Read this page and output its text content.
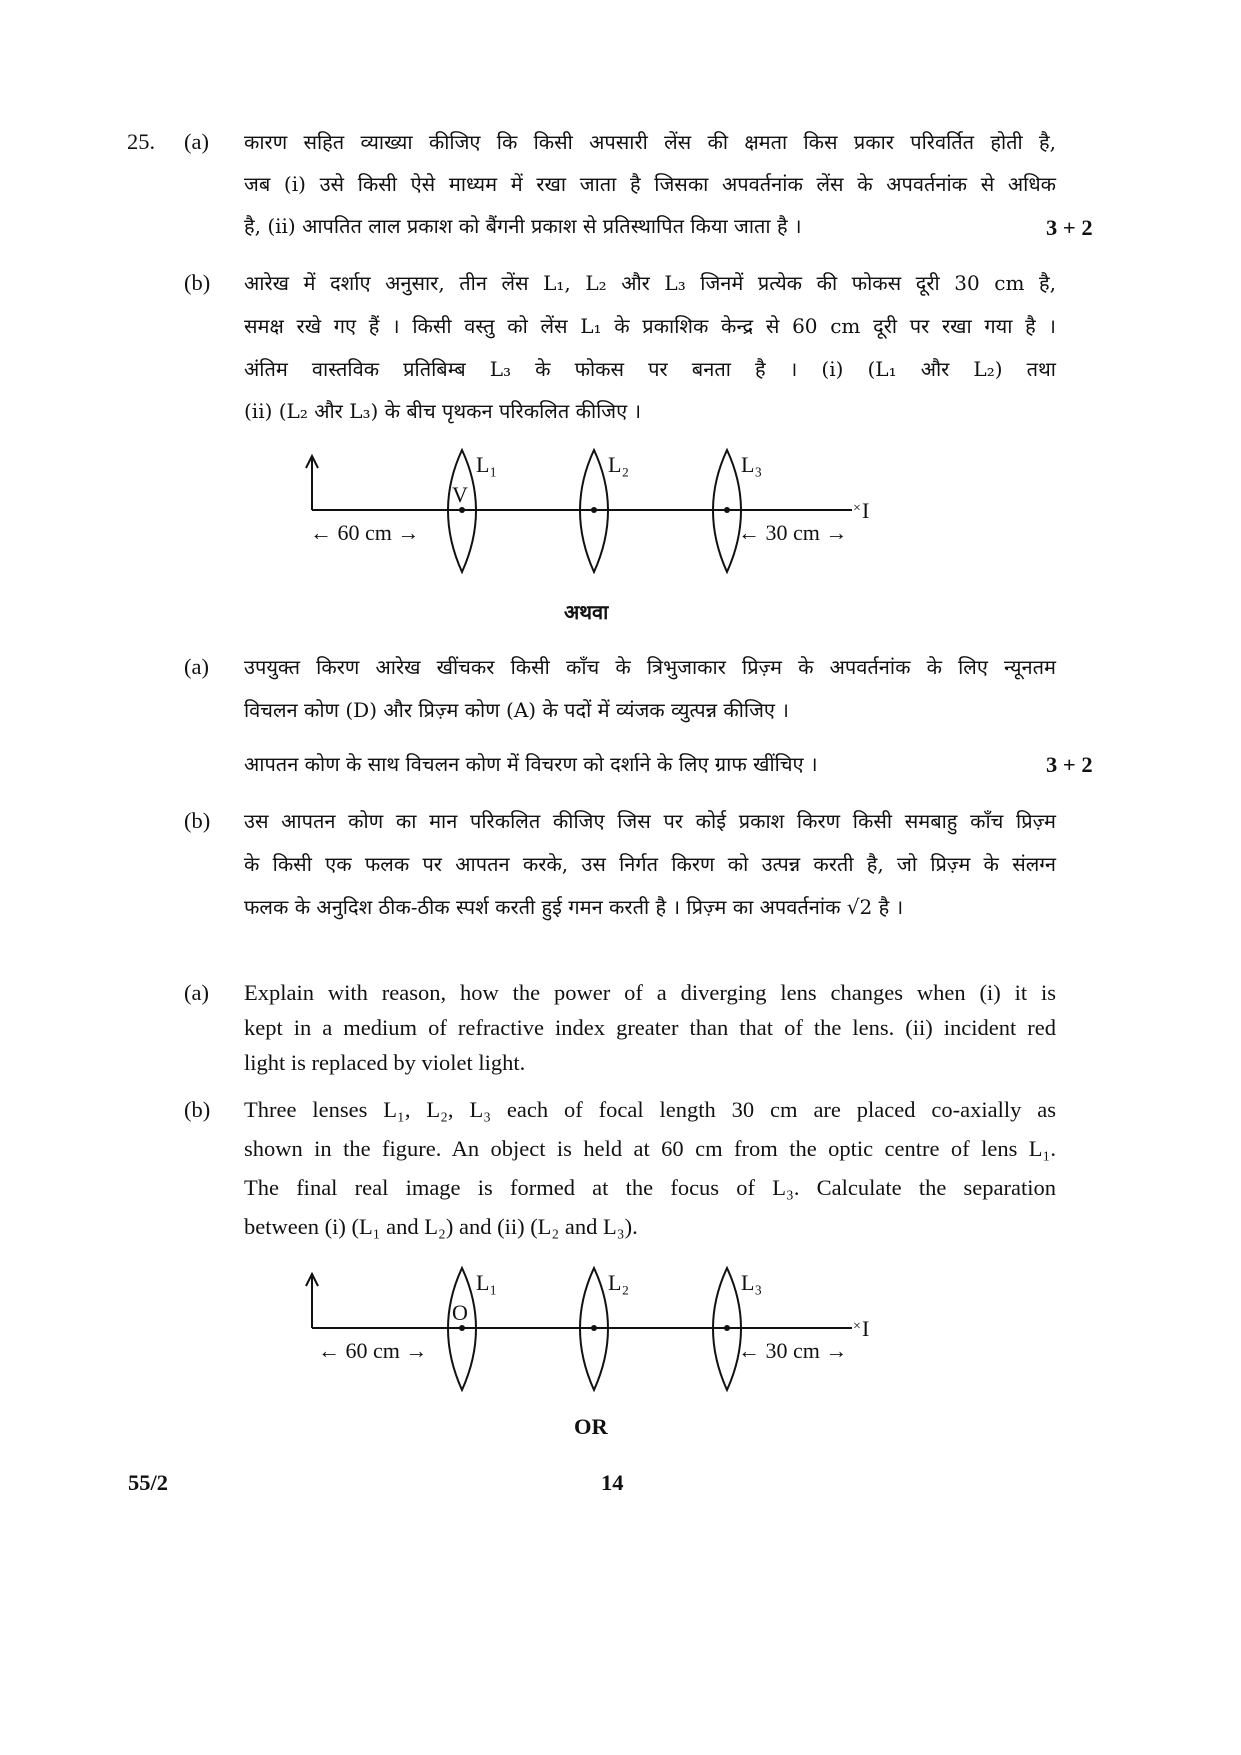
25. (a) कारण सहित व्याख्या कीजिए कि किसी अपसारी लेंस की क्षमता किस प्रकार परिवर्तित होती है,
जब (i) उसे किसी ऐसे माध्यम में रखा जाता है जिसका अपवर्तनांक लेंस के अपवर्तनांक से अधिक
है, (ii) आपतित लाल प्रकाश को बैंगनी प्रकाश से प्रतिस्थापित किया जाता है ।	3 + 2
(b) आरेख में दर्शाए अनुसार, तीन लेंस L₁, L₂ और L₃ जिनमें प्रत्येक की फोकस दूरी 30 cm है,
समक्ष रखे गए हैं । किसी वस्तु को लेंस L₁ के प्रकाशिक केन्द्र से 60 cm दूरी पर रखा गया है ।
अंतिम वास्तविक प्रतिबिम्ब L₃ के फोकस पर बनता है । (i) (L₁ और L₂) तथा
(ii) (L₂ और L₃) के बीच पृथकन परिकलित कीजिए ।
× I
L₁	L₂	L₃
V
← 60 cm →	← 30 cm →
अथवा
(a) उपयुक्त किरण आरेख खींचकर किसी काँच के त्रिभुजाकार प्रिज़्म के अपवर्तनांक के लिए न्यूनतम
विचलन कोण (D) और प्रिज़्म कोण (A) के पदों में व्यंजक व्युत्पन्न कीजिए ।
आपतन कोण के साथ विचलन कोण में विचरण को दर्शाने के लिए ग्राफ खींचिए ।	3 + 2
(b) उस आपतन कोण का मान परिकलित कीजिए जिस पर कोई प्रकाश किरण किसी समबाहु काँच प्रिज़्म
के किसी एक फलक पर आपतन करके, उस निर्गत किरण को उत्पन्न करती है, जो प्रिज़्म के संलग्न
फलक के अनुदिश ठीक-ठीक स्पर्श करती हुई गमन करती है । प्रिज़्म का अपवर्तनांक √2 है ।
(a) Explain with reason, how the power of a diverging lens changes when (i) it is
kept in a medium of refractive index greater than that of the lens. (ii) incident red
light is replaced by violet light.
(b) Three lenses L₁, L₂, L₃ each of focal length 30 cm are placed co-axially as
shown in the figure. An object is held at 60 cm from the optic centre of lens L₁.
The final real image is formed at the focus of L₃. Calculate the separation
between (i) (L₁ and L₂) and (ii) (L₂ and L₃).
× I
L₁	L₂	L₃
O
← 60 cm →	← 30 cm →
OR
55/2	14
